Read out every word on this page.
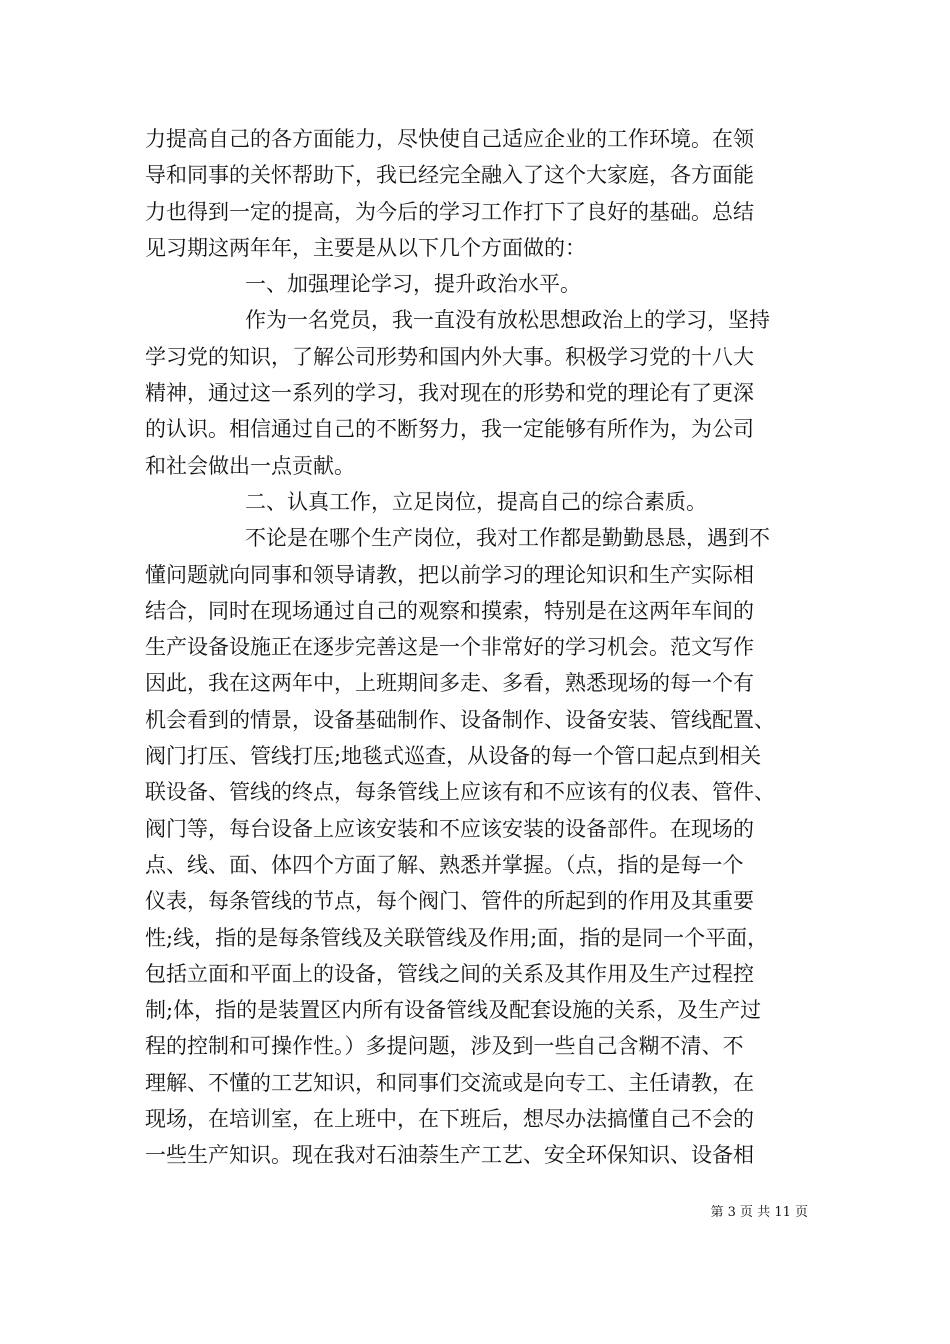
力提高自己的各方面能力，尽快使自己适应企业的工作环境。在领
导和同事的关怀帮助下，我已经完全融入了这个大家庭，各方面能
力也得到一定的提高，为今后的学习工作打下了良好的基础。总结
见习期这两年年，主要是从以下几个方面做的：
一、加强理论学习，提升政治水平。
作为一名党员，我一直没有放松思想政治上的学习，坚持
学习党的知识，了解公司形势和国内外大事。积极学习党的十八大
精神，通过这一系列的学习，我对现在的形势和党的理论有了更深
的认识。相信通过自己的不断努力，我一定能够有所作为，为公司
和社会做出一点贡献。
二、认真工作，立足岗位，提高自己的综合素质。
不论是在哪个生产岗位，我对工作都是勤勤恳恳，遇到不
懂问题就向同事和领导请教，把以前学习的理论知识和生产实际相
结合，同时在现场通过自己的观察和摸索，特别是在这两年车间的
生产设备设施正在逐步完善这是一个非常好的学习机会。范文写作
因此，我在这两年中，上班期间多走、多看，熟悉现场的每一个有
机会看到的情景，设备基础制作、设备制作、设备安装、管线配置、
阀门打压、管线打压;地毯式巡查，从设备的每一个管口起点到相关
联设备、管线的终点，每条管线上应该有和不应该有的仪表、管件、
阀门等，每台设备上应该安装和不应该安装的设备部件。在现场的
点、线、面、体四个方面了解、熟悉并掌握。（点，指的是每一个
仪表，每条管线的节点，每个阀门、管件的所起到的作用及其重要
性;线，指的是每条管线及关联管线及作用;面，指的是同一个平面，
包括立面和平面上的设备，管线之间的关系及其作用及生产过程控
制;体，指的是装置区内所有设备管线及配套设施的关系，及生产过
程的控制和可操作性。）多提问题，涉及到一些自己含糊不清、不
理解、不懂的工艺知识，和同事们交流或是向专工、主任请教，在
现场，在培训室，在上班中，在下班后，想尽办法搞懂自己不会的
一些生产知识。现在我对石油萘生产工艺、安全环保知识、设备相
第 3 页 共 11 页
